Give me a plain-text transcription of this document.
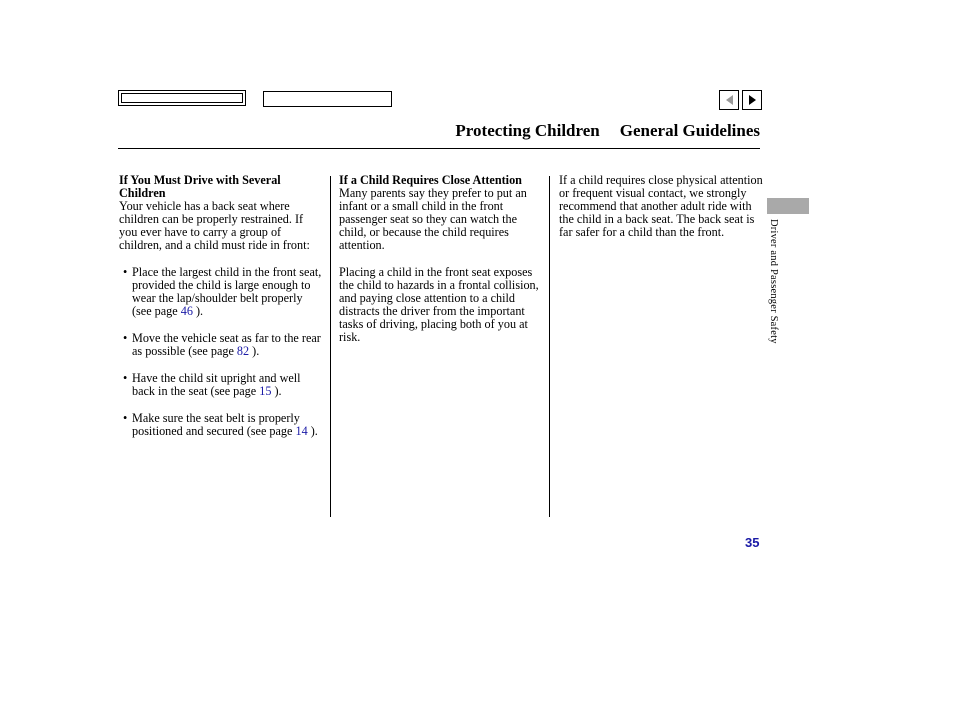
Protecting Children General Guidelines
If You Must Drive with Several Children

Your vehicle has a back seat where children can be properly restrained. If you ever have to carry a group of children, and a child must ride in front:

• Place the largest child in the front seat, provided the child is large enough to wear the lap/shoulder belt properly (see page 46 ).
• Move the vehicle seat as far to the rear as possible (see page 82 ).
• Have the child sit upright and well back in the seat (see page 15 ).
• Make sure the seat belt is properly positioned and secured (see page 14 ).
If a Child Requires Close Attention

Many parents say they prefer to put an infant or a small child in the front passenger seat so they can watch the child, or because the child requires attention.

Placing a child in the front seat exposes the child to hazards in a frontal collision, and paying close attention to a child distracts the driver from the important tasks of driving, placing both of you at risk.

If a child requires close physical attention or frequent visual contact, we strongly recommend that another adult ride with the child in a back seat. The back seat is far safer for a child than the front.	Driver and Passenger Safety
35
